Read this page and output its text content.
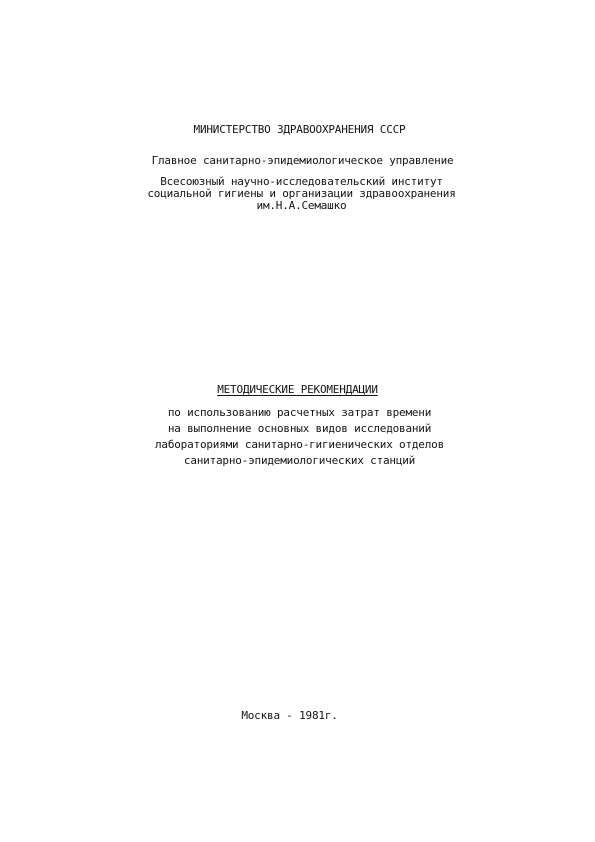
МИНИСТЕРСТВО ЗДРАВООХРАНЕНИЯ СССР
Главное санитарно-эпидемиологическое управление
Всесоюзный научно-исследовательский институт
социальной гигиены и организации здравоохранения
им.Н.А.Семашко
МЕТОДИЧЕСКИЕ РЕКОМЕНДАЦИИ
по использованию расчетных затрат времени
на выполнение основных видов исследований
лабораториями санитарно-гигиенических отделов
санитарно-эпидемиологических станций
Москва - 1981г.
